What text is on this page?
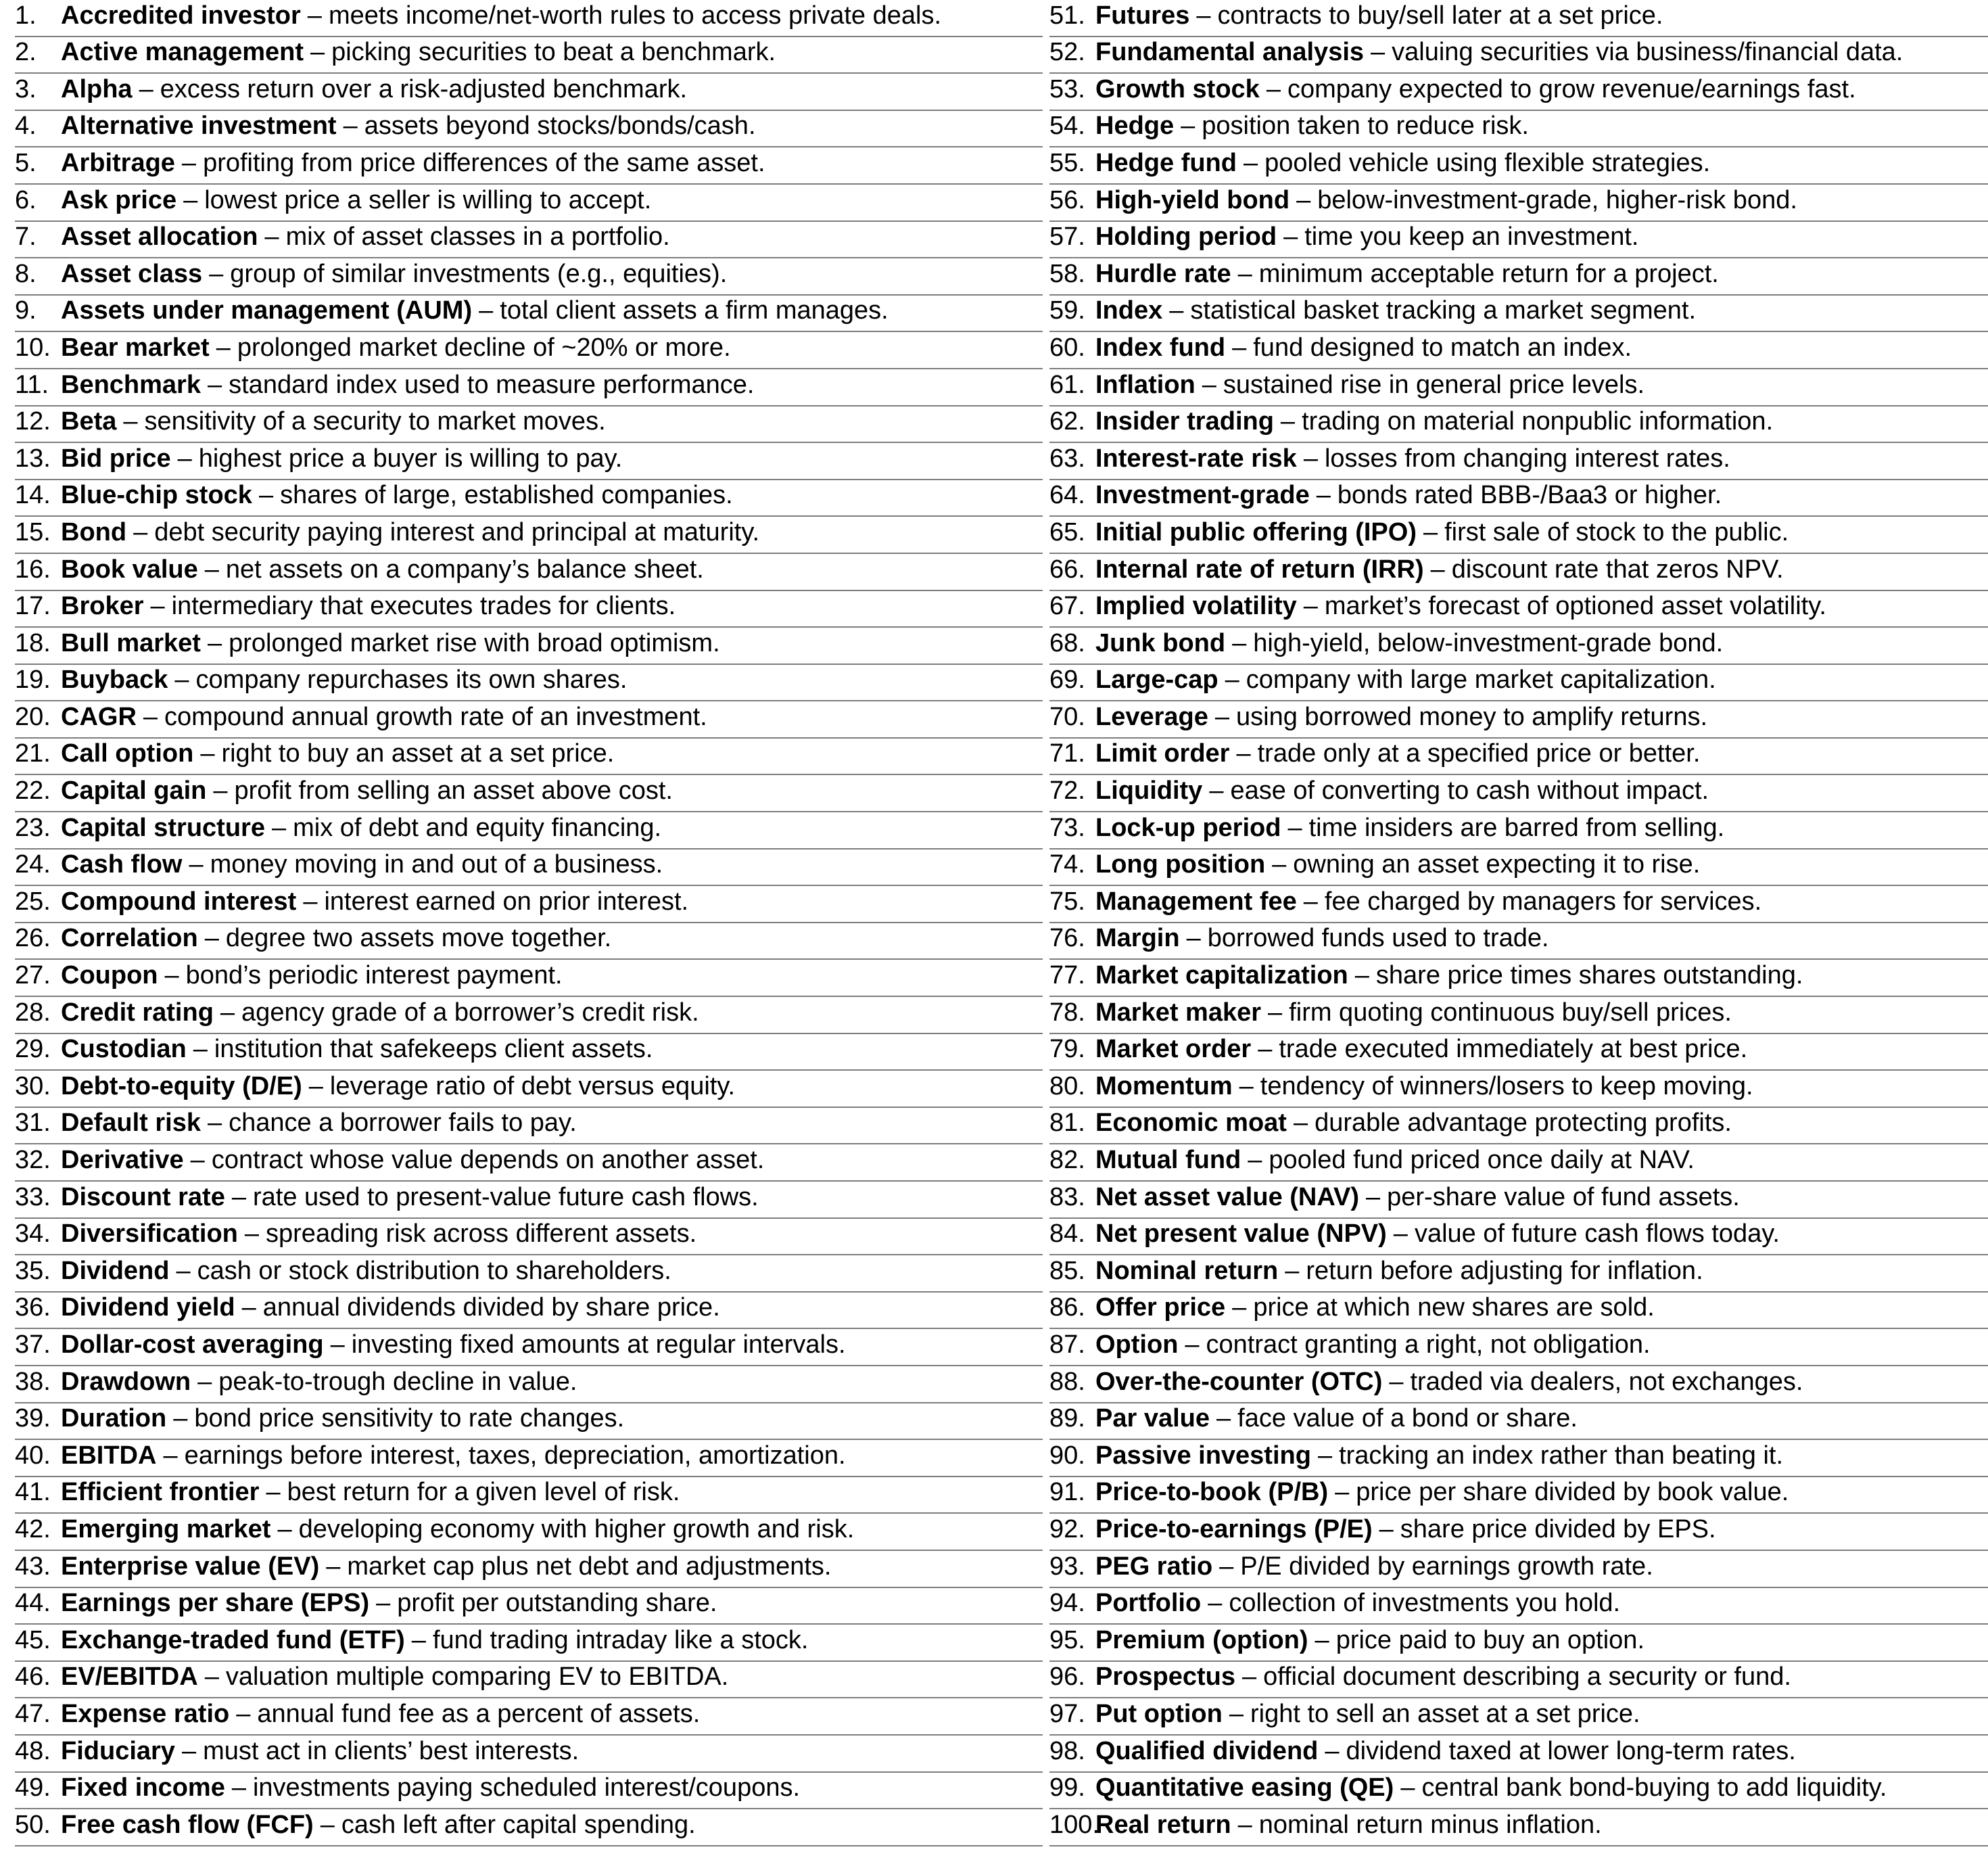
1. Accredited investor – meets income/net-worth rules to access private deals.
2. Active management – picking securities to beat a benchmark.
3. Alpha – excess return over a risk-adjusted benchmark.
4. Alternative investment – assets beyond stocks/bonds/cash.
5. Arbitrage – profiting from price differences of the same asset.
6. Ask price – lowest price a seller is willing to accept.
7. Asset allocation – mix of asset classes in a portfolio.
8. Asset class – group of similar investments (e.g., equities).
9. Assets under management (AUM) – total client assets a firm manages.
10. Bear market – prolonged market decline of ~20% or more.
11. Benchmark – standard index used to measure performance.
12. Beta – sensitivity of a security to market moves.
13. Bid price – highest price a buyer is willing to pay.
14. Blue-chip stock – shares of large, established companies.
15. Bond – debt security paying interest and principal at maturity.
16. Book value – net assets on a company’s balance sheet.
17. Broker – intermediary that executes trades for clients.
18. Bull market – prolonged market rise with broad optimism.
19. Buyback – company repurchases its own shares.
20. CAGR – compound annual growth rate of an investment.
21. Call option – right to buy an asset at a set price.
22. Capital gain – profit from selling an asset above cost.
23. Capital structure – mix of debt and equity financing.
24. Cash flow – money moving in and out of a business.
25. Compound interest – interest earned on prior interest.
26. Correlation – degree two assets move together.
27. Coupon – bond’s periodic interest payment.
28. Credit rating – agency grade of a borrower’s credit risk.
29. Custodian – institution that safekeeps client assets.
30. Debt-to-equity (D/E) – leverage ratio of debt versus equity.
31. Default risk – chance a borrower fails to pay.
32. Derivative – contract whose value depends on another asset.
33. Discount rate – rate used to present-value future cash flows.
34. Diversification – spreading risk across different assets.
35. Dividend – cash or stock distribution to shareholders.
36. Dividend yield – annual dividends divided by share price.
37. Dollar-cost averaging – investing fixed amounts at regular intervals.
38. Drawdown – peak-to-trough decline in value.
39. Duration – bond price sensitivity to rate changes.
40. EBITDA – earnings before interest, taxes, depreciation, amortization.
41. Efficient frontier – best return for a given level of risk.
42. Emerging market – developing economy with higher growth and risk.
43. Enterprise value (EV) – market cap plus net debt and adjustments.
44. Earnings per share (EPS) – profit per outstanding share.
45. Exchange-traded fund (ETF) – fund trading intraday like a stock.
46. EV/EBITDA – valuation multiple comparing EV to EBITDA.
47. Expense ratio – annual fund fee as a percent of assets.
48. Fiduciary – must act in clients’ best interests.
49. Fixed income – investments paying scheduled interest/coupons.
50. Free cash flow (FCF) – cash left after capital spending.
51. Futures – contracts to buy/sell later at a set price.
52. Fundamental analysis – valuing securities via business/financial data.
53. Growth stock – company expected to grow revenue/earnings fast.
54. Hedge – position taken to reduce risk.
55. Hedge fund – pooled vehicle using flexible strategies.
56. High-yield bond – below-investment-grade, higher-risk bond.
57. Holding period – time you keep an investment.
58. Hurdle rate – minimum acceptable return for a project.
59. Index – statistical basket tracking a market segment.
60. Index fund – fund designed to match an index.
61. Inflation – sustained rise in general price levels.
62. Insider trading – trading on material nonpublic information.
63. Interest-rate risk – losses from changing interest rates.
64. Investment-grade – bonds rated BBB-/Baa3 or higher.
65. Initial public offering (IPO) – first sale of stock to the public.
66. Internal rate of return (IRR) – discount rate that zeros NPV.
67. Implied volatility – market’s forecast of optioned asset volatility.
68. Junk bond – high-yield, below-investment-grade bond.
69. Large-cap – company with large market capitalization.
70. Leverage – using borrowed money to amplify returns.
71. Limit order – trade only at a specified price or better.
72. Liquidity – ease of converting to cash without impact.
73. Lock-up period – time insiders are barred from selling.
74. Long position – owning an asset expecting it to rise.
75. Management fee – fee charged by managers for services.
76. Margin – borrowed funds used to trade.
77. Market capitalization – share price times shares outstanding.
78. Market maker – firm quoting continuous buy/sell prices.
79. Market order – trade executed immediately at best price.
80. Momentum – tendency of winners/losers to keep moving.
81. Economic moat – durable advantage protecting profits.
82. Mutual fund – pooled fund priced once daily at NAV.
83. Net asset value (NAV) – per-share value of fund assets.
84. Net present value (NPV) – value of future cash flows today.
85. Nominal return – return before adjusting for inflation.
86. Offer price – price at which new shares are sold.
87. Option – contract granting a right, not obligation.
88. Over-the-counter (OTC) – traded via dealers, not exchanges.
89. Par value – face value of a bond or share.
90. Passive investing – tracking an index rather than beating it.
91. Price-to-book (P/B) – price per share divided by book value.
92. Price-to-earnings (P/E) – share price divided by EPS.
93. PEG ratio – P/E divided by earnings growth rate.
94. Portfolio – collection of investments you hold.
95. Premium (option) – price paid to buy an option.
96. Prospectus – official document describing a security or fund.
97. Put option – right to sell an asset at a set price.
98. Qualified dividend – dividend taxed at lower long-term rates.
99. Quantitative easing (QE) – central bank bond-buying to add liquidity.
100.
Real return – nominal return minus inflation.
